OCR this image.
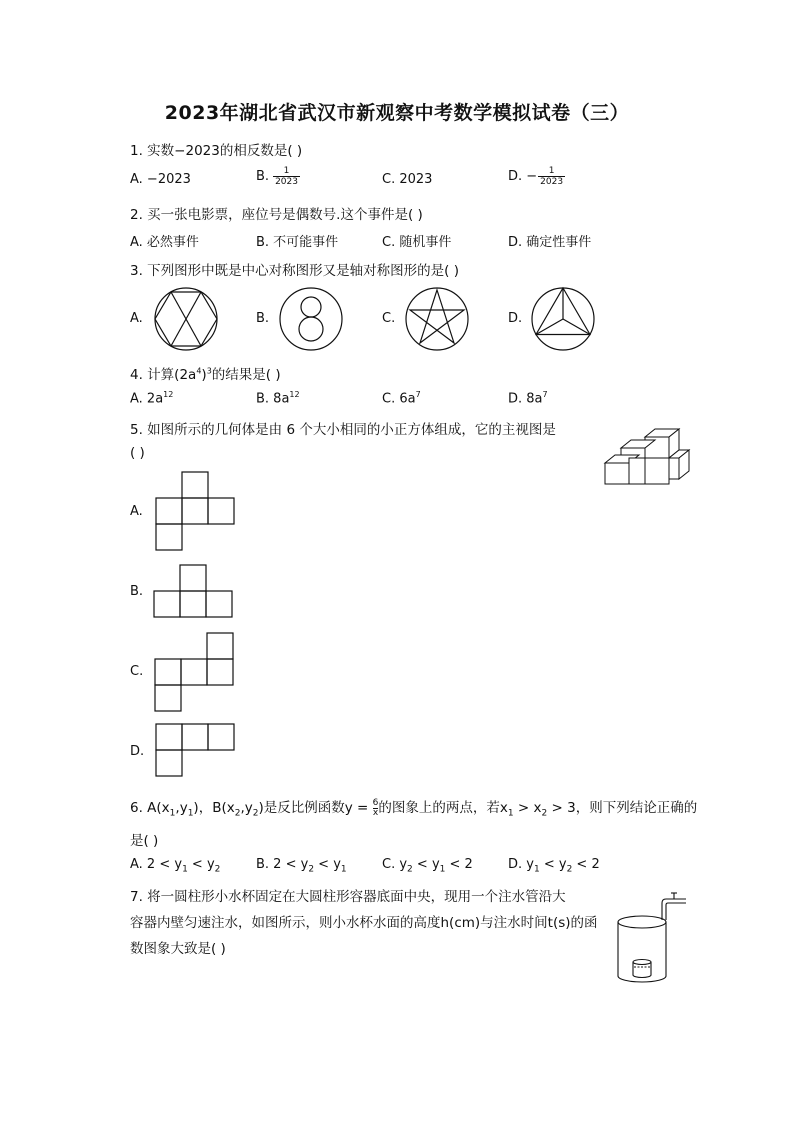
2023年湖北省武汉市新观察中考数学模拟试卷（三）
1. 实数−2023的相反数是( )
A. −2023	B. $\frac{1}{2023}$	C. 2023	D. − $\frac{1}{2023}$
2. 买一张电影票，座位号是偶数号.这个事件是( )
A. 必然事件	B. 不可能事件	C. 随机事件	D. 确定性事件
3. 下列图形中既是中心对称图形又是轴对称图形的是( )
A.	B.	C.	D.
4. 计算$(2a^4)^3$的结果是( )
A. $2a^{12}$	B. $8a^{12}$	C. $6a^7$	D. $8a^7$
5. 如图所示的几何体是由 6 个大小相同的小正方体组成，它的主视图是
( )
A.
B.
C.
D.
6. $A(x_1,y_1)$，$B(x_2,y_2)$是反比例函数$y = \frac{6}{x}$ 的图象上的两点，若$x_1 > x_2 > 3$，则下列结论正确的
是( )
A. $2 < y_1 < y_2$	B. $2 < y_2 < y_1$	C. $y_2 < y_1 < 2$	D. $y_1 < y_2 < 2$
7. 将一圆柱形小水杯固定在大圆柱形容器底面中央，现用一个注水管沿大
容器内壁匀速注水，如图所示，则小水杯水面的高度h(cm)与注水时间t(s)的函
数图象大致是( )
